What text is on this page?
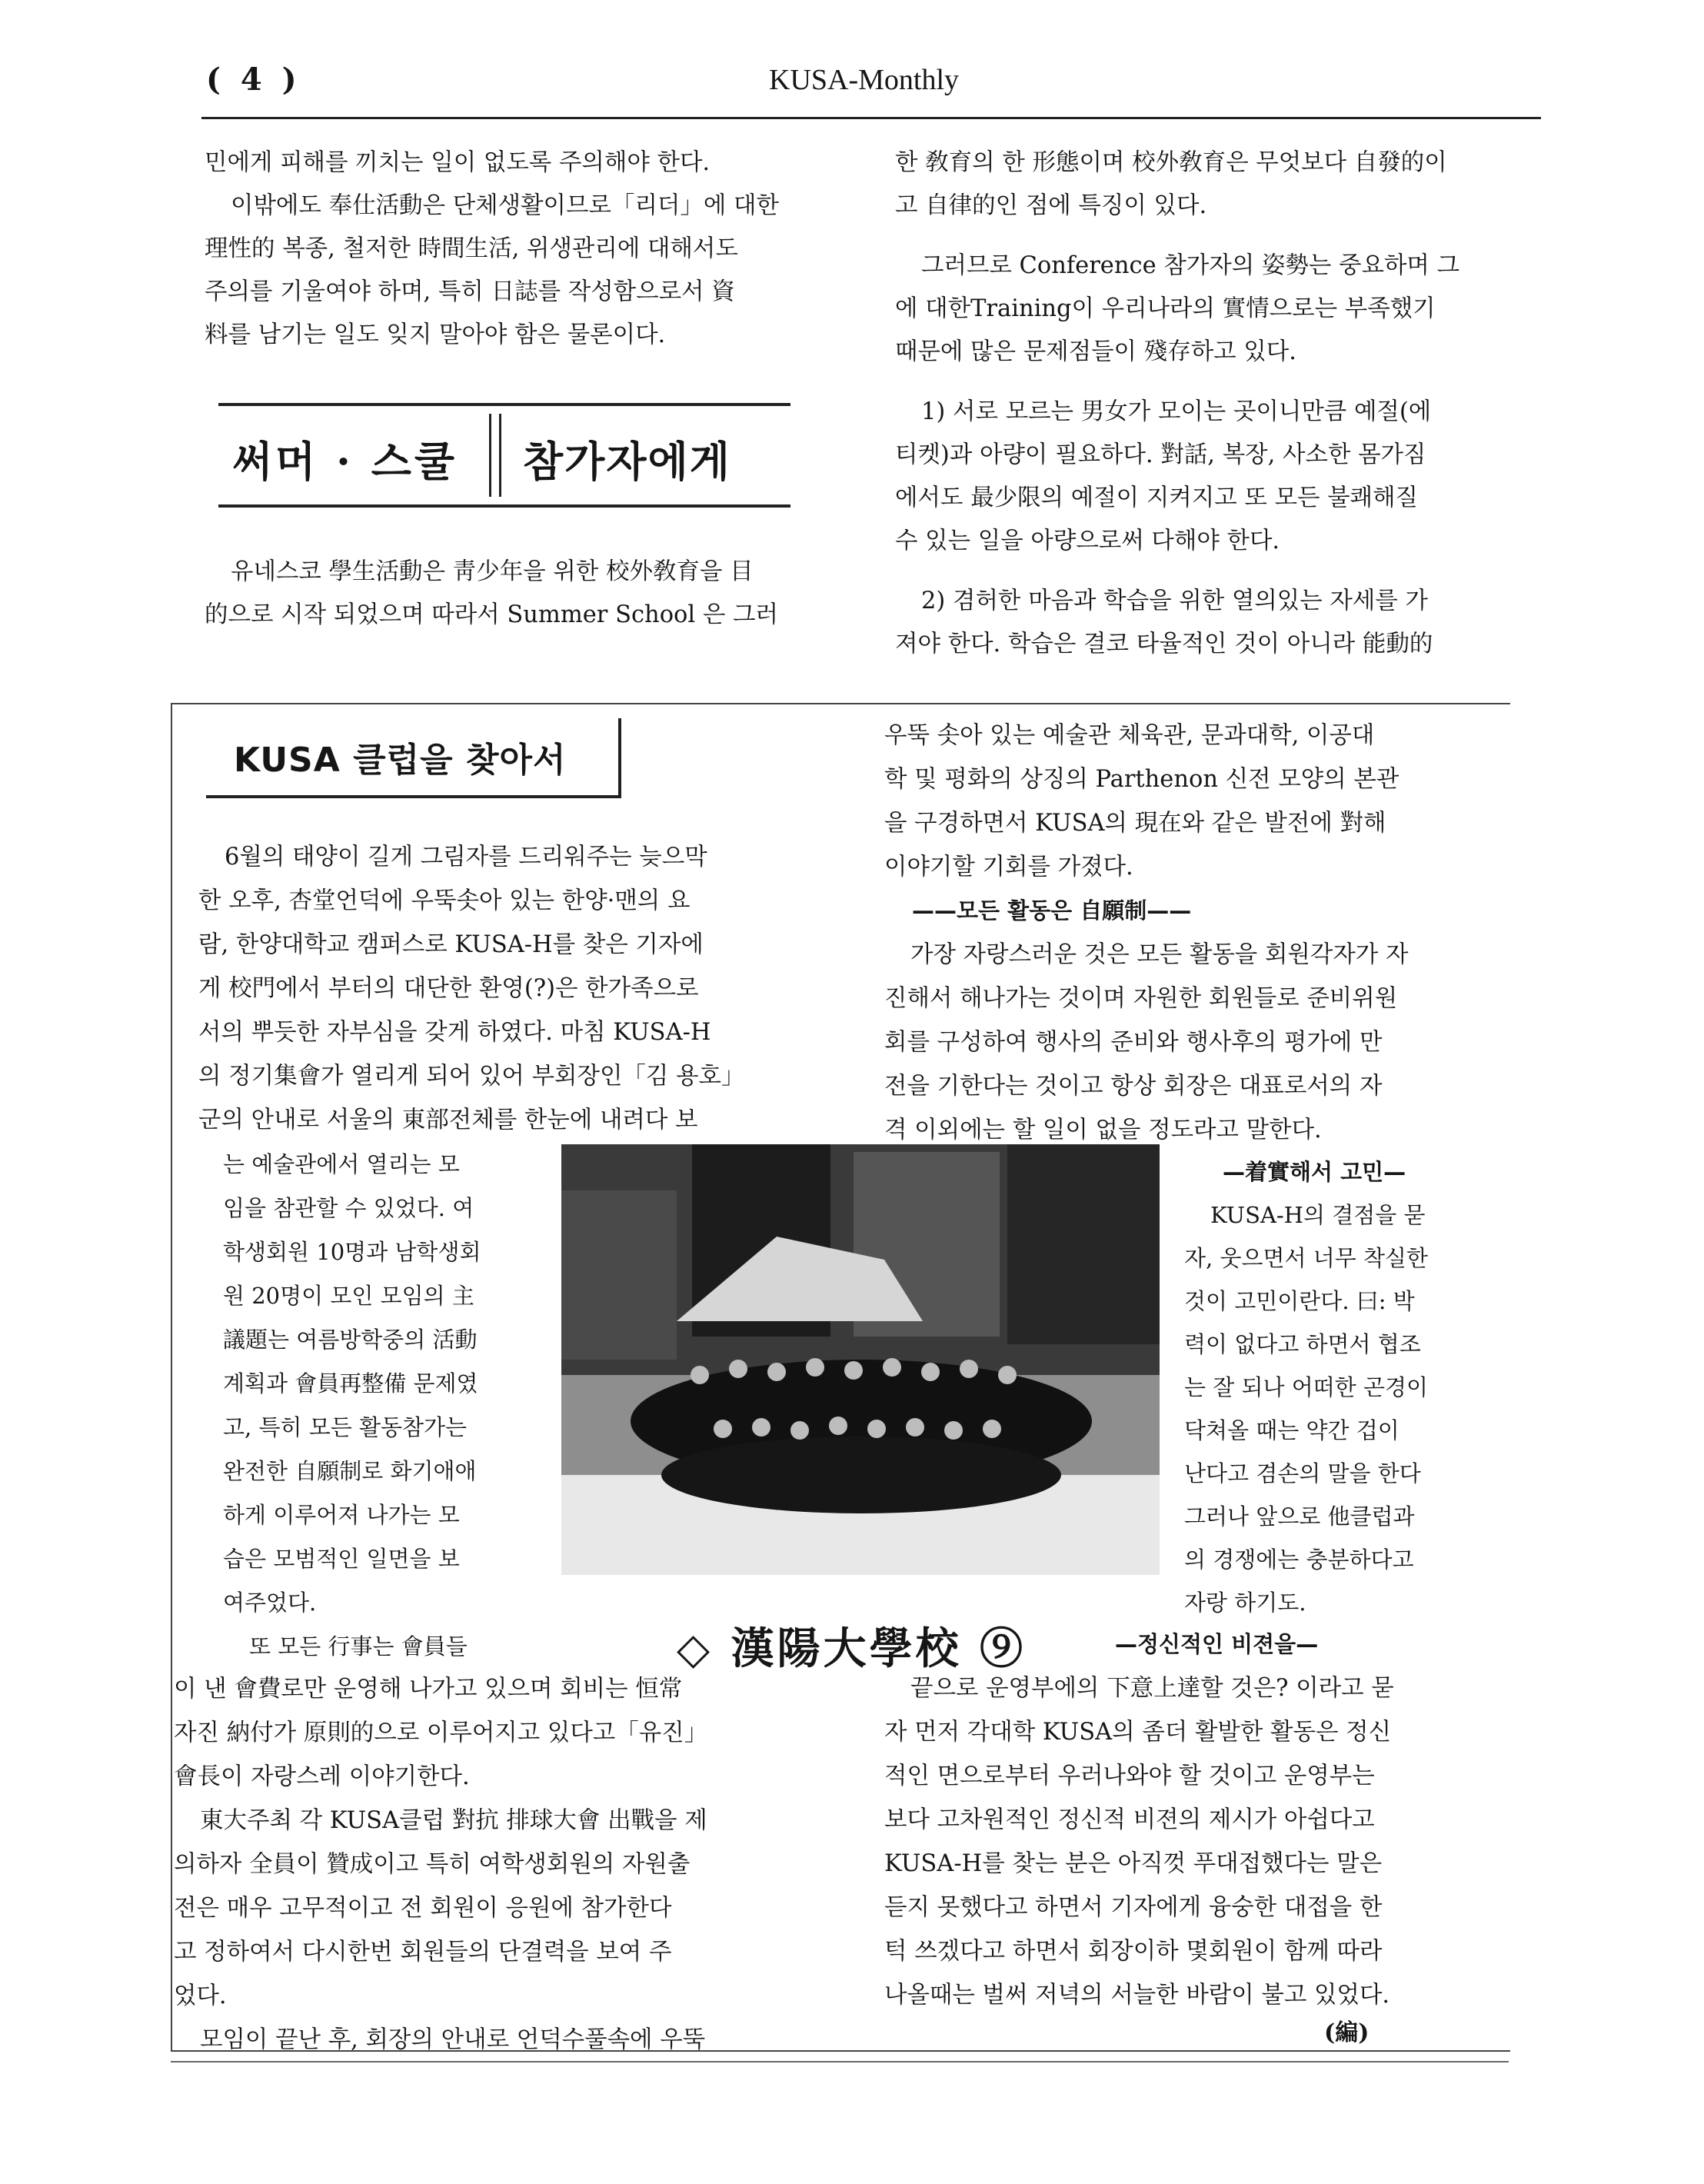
( 4 )	KUSA-Monthly

민에게 피해를 끼치는 일이 없도록 주의해야 한다.

이밖에도 奉仕活動은 단체생활이므로「리더」에 대한

理性的 복종, 철저한 時間生活, 위생관리에 대해서도

주의를 기울여야 하며, 특히 日誌를 작성함으로서 資

料를 남기는 일도 잊지 말아야 함은 물론이다.

써머 · 스쿨 참가자에게

유네스코 學生活動은 靑少年을 위한 校外敎育을 目

的으로 시작 되었으며 따라서 Summer School 은 그러

한 敎育의 한 形態이며 校外敎育은 무엇보다 自發的이

고 自律的인 점에 특징이 있다.

그러므로 Conference 참가자의 姿勢는 중요하며 그

에 대한Training이 우리나라의 實情으로는 부족했기

때문에 많은 문제점들이 殘存하고 있다.

1) 서로 모르는 男女가 모이는 곳이니만큼 예절(에

티켓)과 아량이 필요하다. 對話, 복장, 사소한 몸가짐

에서도 最少限의 예절이 지켜지고 또 모든 불쾌해질

수 있는 일을 아량으로써 다해야 한다.

2) 겸허한 마음과 학습을 위한 열의있는 자세를 가

져야 한다. 학습은 결코 타율적인 것이 아니라 能動的

KUSA 클럽을 찾아서

6월의 태양이 길게 그림자를 드리워주는 늦으막

한 오후, 杏堂언덕에 우뚝솟아 있는 한양·맨의 요

람, 한양대학교 캠퍼스로 KUSA-H를 찾은 기자에

게 校門에서 부터의 대단한 환영(?)은 한가족으로

서의 뿌듯한 자부심을 갖게 하였다. 마침 KUSA-H

의 정기集會가 열리게 되어 있어 부회장인「김 용호」

군의 안내로 서울의 東部전체를 한눈에 내려다 보

는 예술관에서 열리는 모

임을 참관할 수 있었다. 여

학생회원 10명과 남학생회

원 20명이 모인 모임의 主

議題는 여름방학중의 活動

계획과 會員再整備 문제였

고, 특히 모든 활동참가는

완전한 自願制로 화기애애

하게 이루어져 나가는 모

습은 모범적인 일면을 보

여주었다.

또 모든 行事는 會員들

이 낸 會費로만 운영해 나가고 있으며 회비는 恒常

자진 納付가 原則的으로 이루어지고 있다고「유진」

會長이 자랑스레 이야기한다.

東大주최 각 KUSA클럽 對抗 排球大會 出戰을 제

의하자 全員이 贊成이고 특히 여학생회원의 자원출

전은 매우 고무적이고 전 회원이 응원에 참가한다

고 정하여서 다시한번 회원들의 단결력을 보여 주

었다.

모임이 끝난 후, 회장의 안내로 언덕수풀속에 우뚝

우뚝 솟아 있는 예술관 체육관, 문과대학, 이공대

학 및 평화의 상징의 Parthenon 신전 모양의 본관

을 구경하면서 KUSA의 現在와 같은 발전에 對해

이야기할 기회를 가졌다.

——모든 활동은 自願制——

가장 자랑스러운 것은 모든 활동을 회원각자가 자

진해서 해나가는 것이며 자원한 회원들로 준비위원

회를 구성하여 행사의 준비와 행사후의 평가에 만

전을 기한다는 것이고 항상 회장은 대표로서의 자

격 이외에는 할 일이 없을 정도라고 말한다.

—着實해서 고민—

KUSA-H의 결점을 묻

자, 웃으면서 너무 착실한

것이 고민이란다. 曰: 박

력이 없다고 하면서 협조

는 잘 되나 어떠한 곤경이

닥쳐올 때는 약간 겁이

난다고 겸손의 말을 한다

그러나 앞으로 他클럽과

의 경쟁에는 충분하다고

자랑 하기도.

—정신적인 비젼을—

끝으로 운영부에의 下意上達할 것은? 이라고 묻

자 먼저 각대학 KUSA의 좀더 활발한 활동은 정신

적인 면으로부터 우러나와야 할 것이고 운영부는

보다 고차원적인 정신적 비젼의 제시가 아쉽다고

KUSA-H를 찾는 분은 아직껏 푸대접했다는 말은

듣지 못했다고 하면서 기자에게 융숭한 대접을 한

턱 쓰겠다고 하면서 회장이하 몇회원이 함께 따라

나올때는 벌써 저녁의 서늘한 바람이 불고 있었다.

◇ 漢陽大學校 ⑨
(編)
